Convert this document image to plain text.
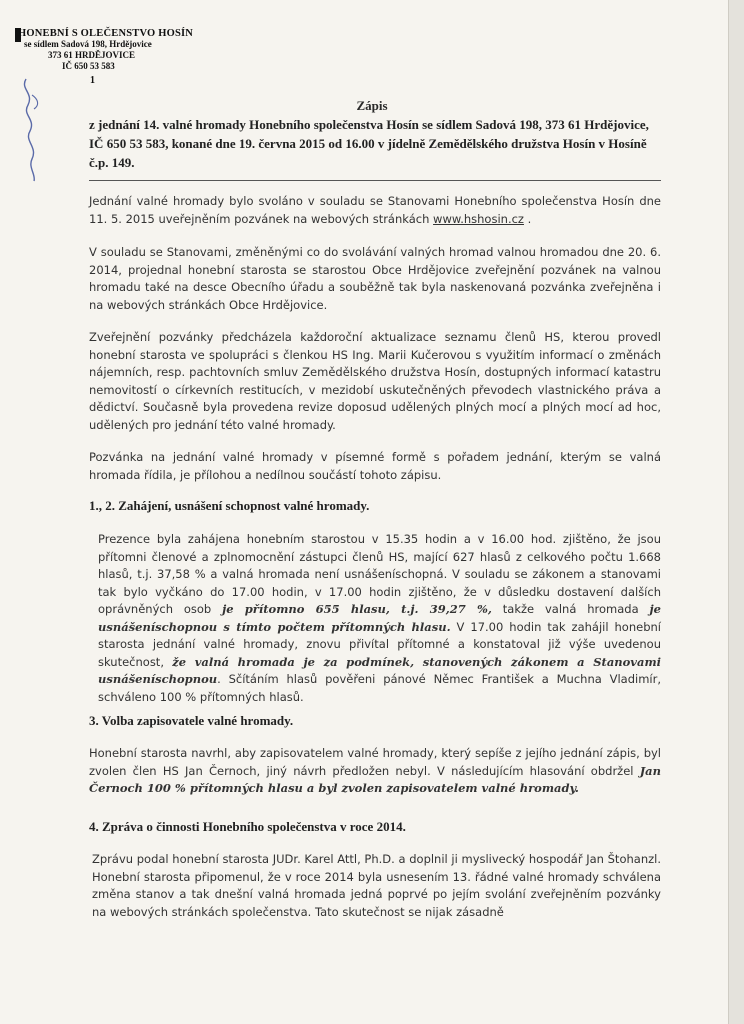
HONEBNÍ S OLEČENSTVO HOSÍN
se sídlem Sadová 198, Hrdějovice
373 61 HRDĚJOVICE
IČ 650 53 583
1
Zápis
z jednání 14. valné hromady Honebního společenstva Hosín se sídlem Sadová 198, 373 61 Hrdějovice, IČ 650 53 583, konané dne 19. června 2015 od 16.00 v jídelně Zemědělského družstva Hosín v Hosíně č.p. 149.
Jednání valné hromady bylo svoláno v souladu se Stanovami Honebního společenstva Hosín dne 11. 5. 2015 uveřejněním pozvánek na webových stránkách www.hshosin.cz .
V souladu se Stanovami, změněnými co do svolávání valných hromad valnou hromadou dne 20. 6. 2014, projednal honební starosta se starostou Obce Hrdějovice zveřejnění pozvánek na valnou hromadu také na desce Obecního úřadu a souběžně tak byla naskenovaná pozvánka zveřejněna i na webových stránkách Obce Hrdějovice.
Zveřejnění pozvánky předcházela každoroční aktualizace seznamu členů HS, kterou provedl honební starosta ve spolupráci s členkou HS Ing. Marii Kučerovou s využitím informací o změnách nájemních, resp. pachtovních smluv Zemědělského družstva Hosín, dostupných informací katastru nemovitostí o církevních restitucích, v mezidobí uskutečněných převodech vlastnického práva a dědictví. Současně byla provedena revize doposud udělených plných mocí a plných mocí ad hoc, udělených pro jednání této valné hromady.
Pozvánka na jednání valné hromady v písemné formě s pořadem jednání, kterým se valná hromada řídila, je přílohou a nedílnou součástí tohoto zápisu.
1., 2. Zahájení, usnášení schopnost valné hromady.
Prezence byla zahájena honebním starostou v 15.35 hodin a v 16.00 hod. zjištěno, že jsou přítomni členové a zplnomocnění zástupci členů HS, mající 627 hlasů z celkového počtu 1.668 hlasů, t.j. 37,58 % a valná hromada není usnášeníschopná. V souladu se zákonem a stanovami tak bylo vyčkáno do 17.00 hodin, v 17.00 hodin zjištěno, že v důsledku dostavení dalších oprávněných osob je přítomno 655 hlasu, t.j. 39,27 %, takže valná hromada je usnášeníschopnou s tímto počtem přítomných hlasu. V 17.00 hodin tak zahájil honební starosta jednání valné hromady, znovu přivítal přítomné a konstatoval již výše uvedenou skutečnost, že valná hromada je za podmínek, stanovených zákonem a Stanovami usnášeníschopnou. Sčítáním hlasů pověřeni pánové Němec František a Muchna Vladimír, schváleno 100 % přítomných hlasů.
3. Volba zapisovatele valné hromady.
Honební starosta navrhl, aby zapisovatelem valné hromady, který sepíše z jejího jednání zápis, byl zvolen člen HS Jan Černoch, jiný návrh předložen nebyl. V následujícím hlasování obdržel Jan Černoch 100 % přítomných hlasu a byl zvolen zapisovatelem valné hromady.
4. Zpráva o činnosti Honebního společenstva v roce 2014.
Zprávu podal honební starosta JUDr. Karel Attl, Ph.D. a doplnil ji myslivecký hospodář Jan Štohanzl. Honební starosta připomenul, že v roce 2014 byla usnesením 13. řádné valné hromady schválena změna stanov a tak dnešní valná hromada jedná poprvé po jejím svolání zveřejněním pozvánky na webových stránkách společenstva. Tato skutečnost se nijak zásadně
